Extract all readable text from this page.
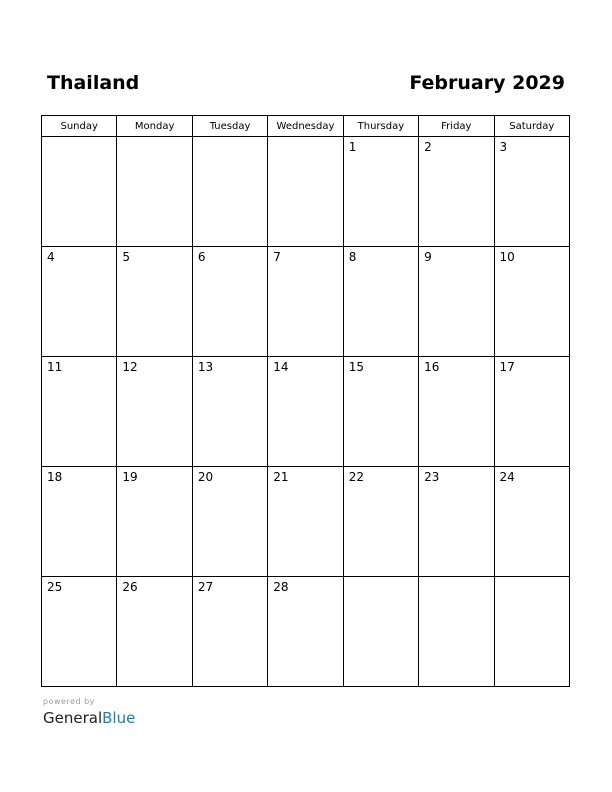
Thailand	February 2029
Sunday	Monday	Tuesday	Wednesday	Thursday	Friday	Saturday

				1	2	3

4	5	6	7	8	9	10

11	12	13	14	15	16	17

18	19	20	21	22	23	24

25	26	27	28			

powered by
GeneralBlue
